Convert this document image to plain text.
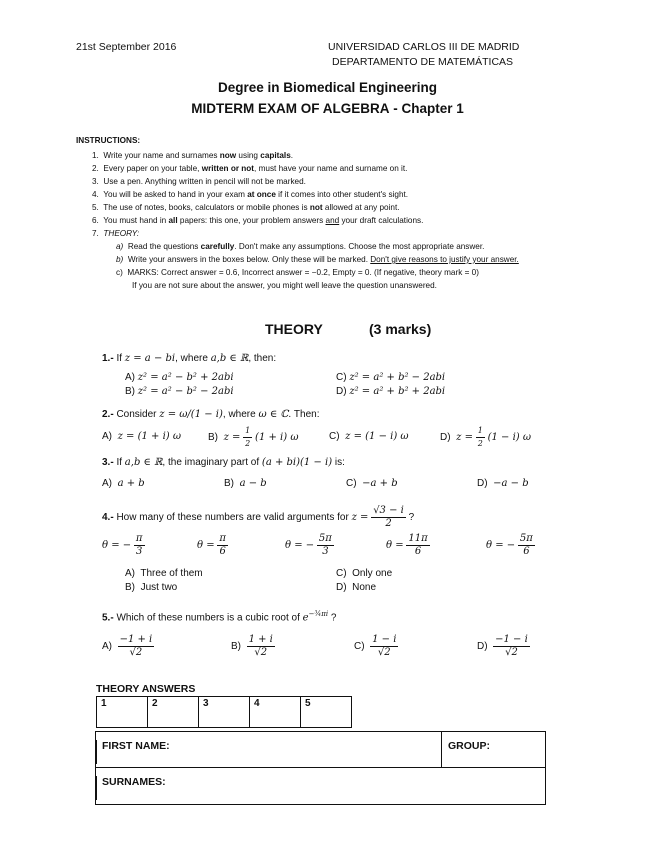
21st September 2016	UNIVERSIDAD CARLOS III DE MADRID
DEPARTAMENTO DE MATEMÁTICAS
Degree in Biomedical Engineering
MIDTERM EXAM OF ALGEBRA - Chapter 1
INSTRUCTIONS:
1. Write your name and surnames now using capitals.
2. Every paper on your table, written or not, must have your name and surname on it.
3. Use a pen. Anything written in pencil will not be marked.
4. You will be asked to hand in your exam at once if it comes into other student's sight.
5. The use of notes, books, calculators or mobile phones is not allowed at any point.
6. You must hand in all papers: this one, your problem answers and your draft calculations.
7. THEORY:
a) Read the questions carefully. Don't make any assumptions. Choose the most appropriate answer.
b) Write your answers in the boxes below. Only these will be marked. Don't give reasons to justify your answer.
c) MARKS: Correct answer = 0.6, Incorrect answer = −0.2, Empty = 0. (If negative, theory mark = 0)
If you are not sure about the answer, you might well leave the question unanswered.
THEORY	(3 marks)
1.- If z = a − bi, where a,b ∈ ℝ, then:
A) z² = a² − b² + 2abi
B) z² = a² − b² − 2abi
C) z² = a² + b² − 2abi
D) z² = a² + b² + 2abi
2.- Consider z = ω/(1 − i), where ω ∈ ℂ. Then:
A) z = (1 + i) ω	B) $z = \frac{1}{2} (1 + i)$ ω	C) z = (1 − i) ω	D) $z = \frac{1}{2} (1 - i)$ ω
3.- If a,b ∈ ℝ, the imaginary part of (a + bi)(1 − i) is:
A) a + b	B) a − b	C) −a + b	D) −a − b
4.- How many of these numbers are valid arguments for $z = \frac{√3 - i}{2}$ ?
θ = − $\frac{\pi}{3}$	$\theta = \frac{\pi}{6}$	θ = − $\frac{5\pi}{3}$	$\theta = \frac{11\pi}{6}$	θ = − $\frac{5\pi}{6}$
A) Three of them
B) Just two
C) Only one
D) None
5.- Which of these numbers is a cubic root of $e^{-\frac{3}{4}\pi i}$ ?
$A) \frac{-1 + i}{√2}$	$B) \frac{1 + i}{√2}$	$C) \frac{1 - i}{√2}$	$D) \frac{-1 - i}{√2}$
THEORY ANSWERS
1	2	3	4	5
FIRST NAME:	GROUP:
SURNAMES:
